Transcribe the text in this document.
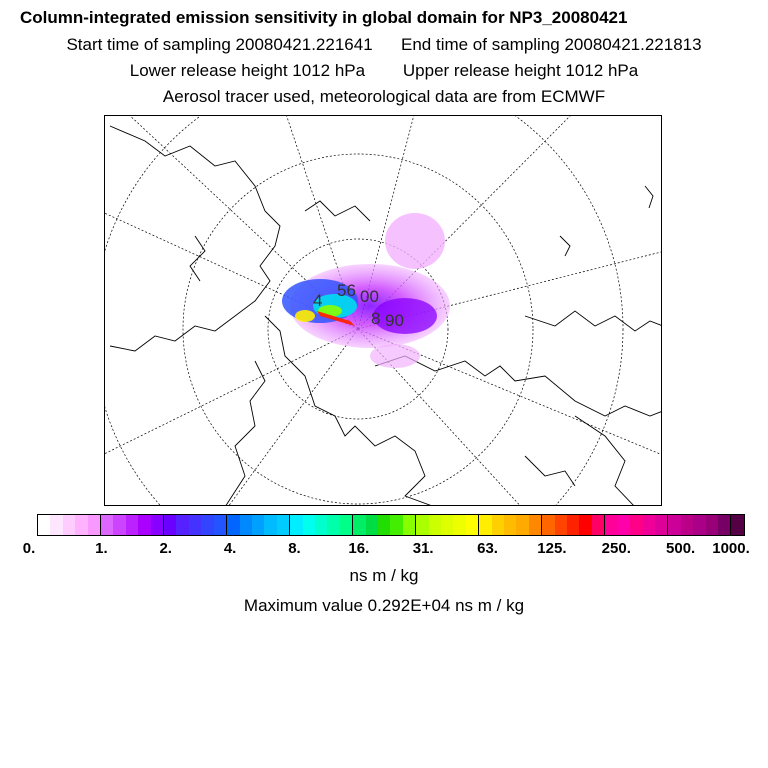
Column-integrated emission sensitivity in global domain for NP3_20080421
Start time of sampling 20080421.221641 End time of sampling 20080421.221813
Lower release height 1012 hPa Upper release height 1012 hPa
Aerosol tracer used, meteorological data are from ECMWF
4
56 00
8 90
0.	1.	2.	4.	8.	16.	31.	63.	125. 250. 500. 1000.
ns m / kg
Maximum value 0.292E+04 ns m / kg
